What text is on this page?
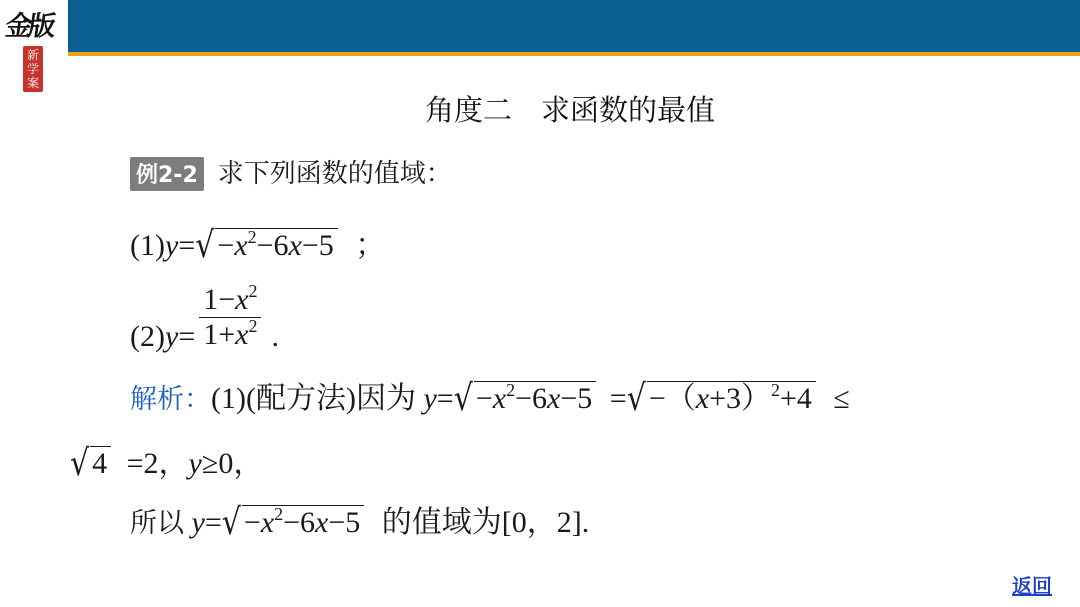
金版
新学案
角度二　求函数的最值
例2-2 求下列函数的值域：
$(1)y=√ -x^2-6x-5$ ；
$(2)y= \frac{1-x^2}{1+x^2}$ .
解析：(1)(配方法)因为 $y=√ -x^2-6x-5$ =√ $-(x+3)^2+4$ ≤
√ 4 =2，y≥0，
所以 $y=√ -x^2-6x-5$ 的值域为[0，2].
返回
